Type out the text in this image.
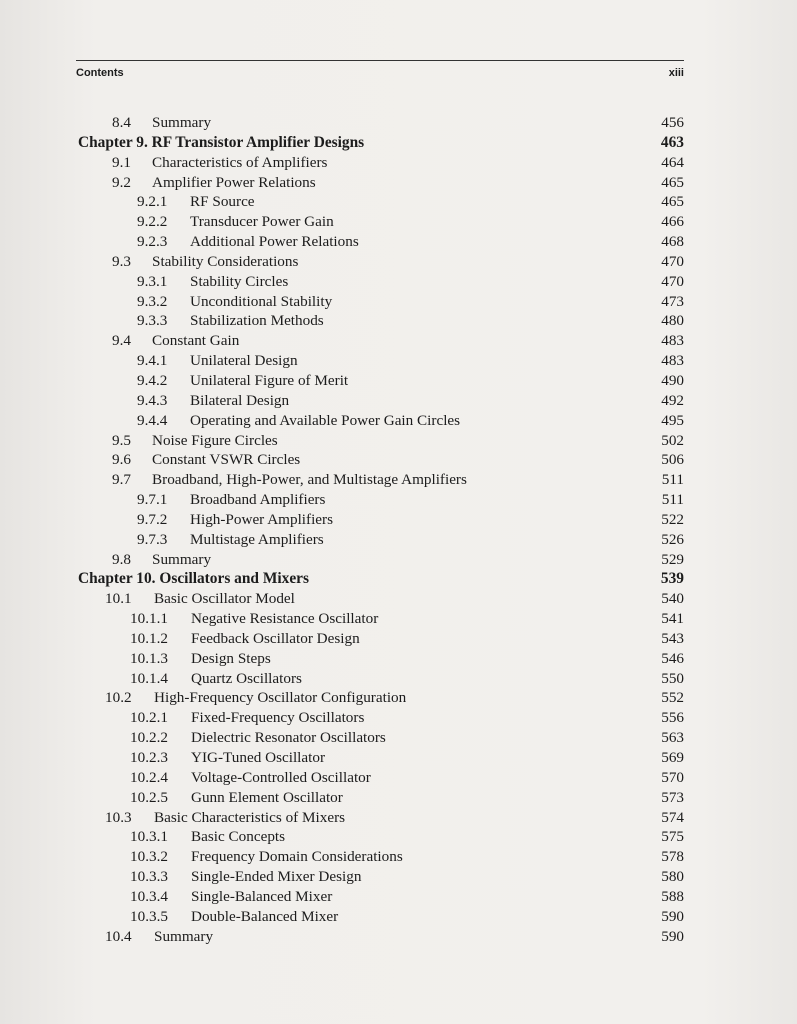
Contents	xiii
8.4 Summary	456
Chapter 9. RF Transistor Amplifier Designs	463
9.1 Characteristics of Amplifiers	464
9.2 Amplifier Power Relations	465
9.2.1 RF Source	465
9.2.2 Transducer Power Gain	466
9.2.3 Additional Power Relations	468
9.3 Stability Considerations	470
9.3.1 Stability Circles	470
9.3.2 Unconditional Stability	473
9.3.3 Stabilization Methods	480
9.4 Constant Gain	483
9.4.1 Unilateral Design	483
9.4.2 Unilateral Figure of Merit	490
9.4.3 Bilateral Design	492
9.4.4 Operating and Available Power Gain Circles	495
9.5 Noise Figure Circles	502
9.6 Constant VSWR Circles	506
9.7 Broadband, High-Power, and Multistage Amplifiers	511
9.7.1 Broadband Amplifiers	511
9.7.2 High-Power Amplifiers	522
9.7.3 Multistage Amplifiers	526
9.8 Summary	529
Chapter 10. Oscillators and Mixers	539
10.1 Basic Oscillator Model	540
10.1.1 Negative Resistance Oscillator	541
10.1.2 Feedback Oscillator Design	543
10.1.3 Design Steps	546
10.1.4 Quartz Oscillators	550
10.2 High-Frequency Oscillator Configuration	552
10.2.1 Fixed-Frequency Oscillators	556
10.2.2 Dielectric Resonator Oscillators	563
10.2.3 YIG-Tuned Oscillator	569
10.2.4 Voltage-Controlled Oscillator	570
10.2.5 Gunn Element Oscillator	573
10.3 Basic Characteristics of Mixers	574
10.3.1 Basic Concepts	575
10.3.2 Frequency Domain Considerations	578
10.3.3 Single-Ended Mixer Design	580
10.3.4 Single-Balanced Mixer	588
10.3.5 Double-Balanced Mixer	590
10.4 Summary	590
